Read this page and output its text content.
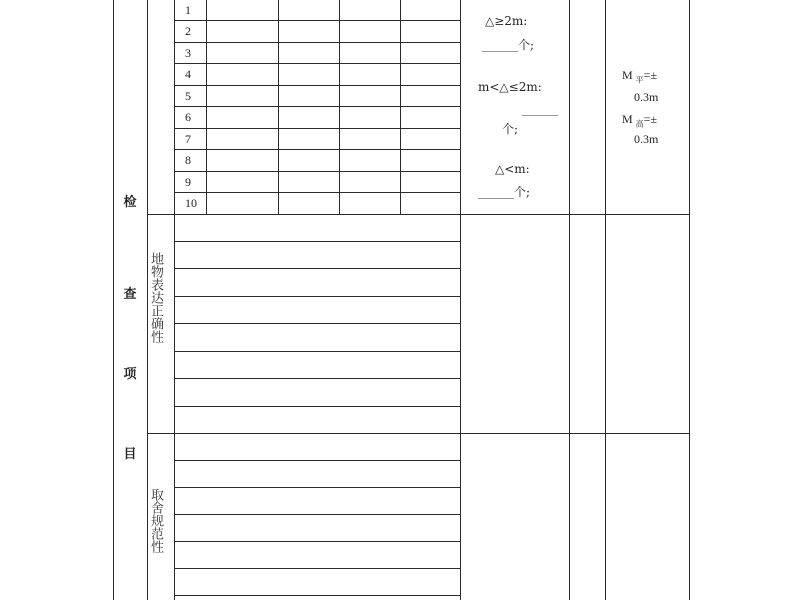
检
查
项
目
1
2
3
4
5
6
7
8
9
10
△≥2m:
______个;
m<△≤2m:
______
个;
△<m:
______个;
M $_平$=±
0.3m
M $_高$=±
0.3m
地物表达正确性
取舍规范性
